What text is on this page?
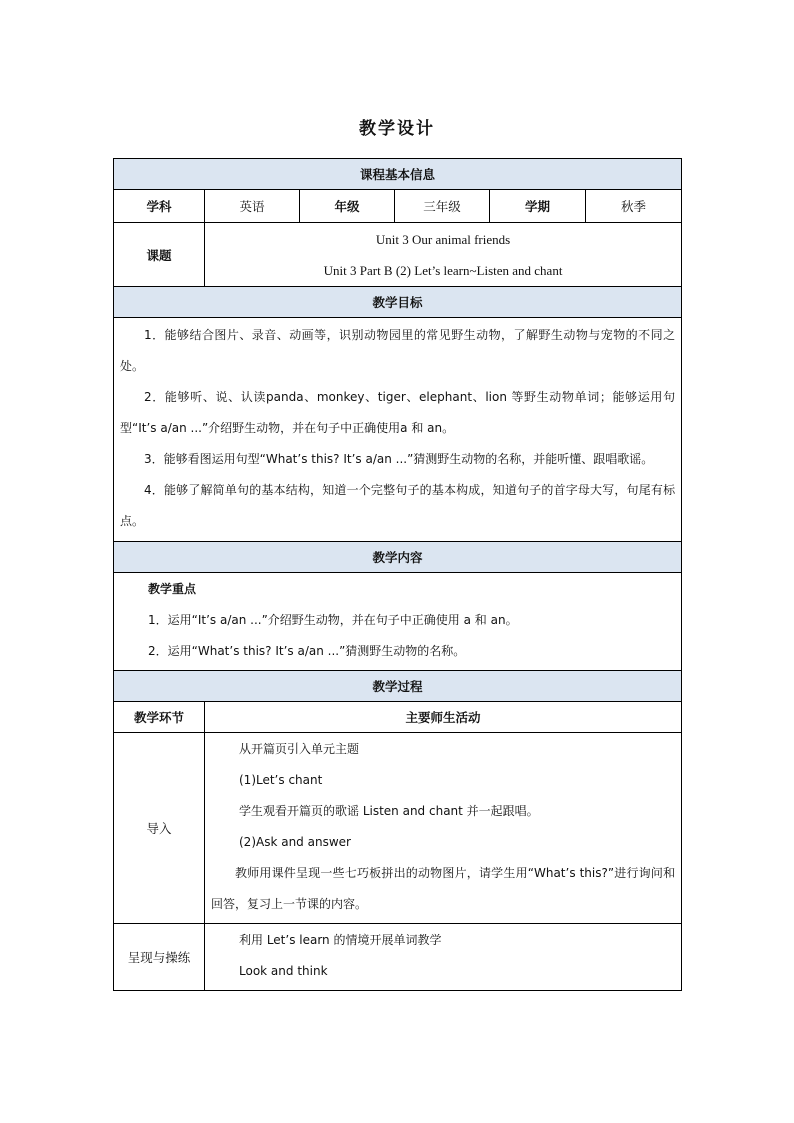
教学设计
课程基本信息					
学科	英语	年级	三年级	学期	秋季
课题	Unit 3 Our animal friends
Unit 3 Part B (2) Let’s learn~Listen and chant				

教学目标					

1．能够结合图片、录音、动画等，识别动物园里的常见野生动物，了解野生动物与宠物的不同之处。
2．能够听、说、认读panda、monkey、tiger、elephant、lion 等野生动物单词；能够运用句型“It’s a/an ...”介绍野生动物，并在句子中正确使用a 和 an。
3．能够看图运用句型“What’s this? It’s a/an ...”猜测野生动物的名称，并能听懂、跟唱歌谣。
4．能够了解简单句的基本结构，知道一个完整句子的基本构成，知道句子的首字母大写，句尾有标点。					

教学内容					

教学重点
1．运用“It’s a/an ...”介绍野生动物，并在句子中正确使用 a 和 an。
2．运用“What’s this? It’s a/an ...”猜测野生动物的名称。					

教学过程					
教学环节	主要师生活动				
导入	从开篇页引入单元主题
(1)Let’s chant
学生观看开篇页的歌谣 Listen and chant 并一起跟唱。
(2)Ask and answer
教师用课件呈现一些七巧板拼出的动物图片，请学生用“What’s this?”进行询问和回答，复习上一节课的内容。				

呈现与操练	利用 Let’s learn 的情境开展单词教学
Look and think				
